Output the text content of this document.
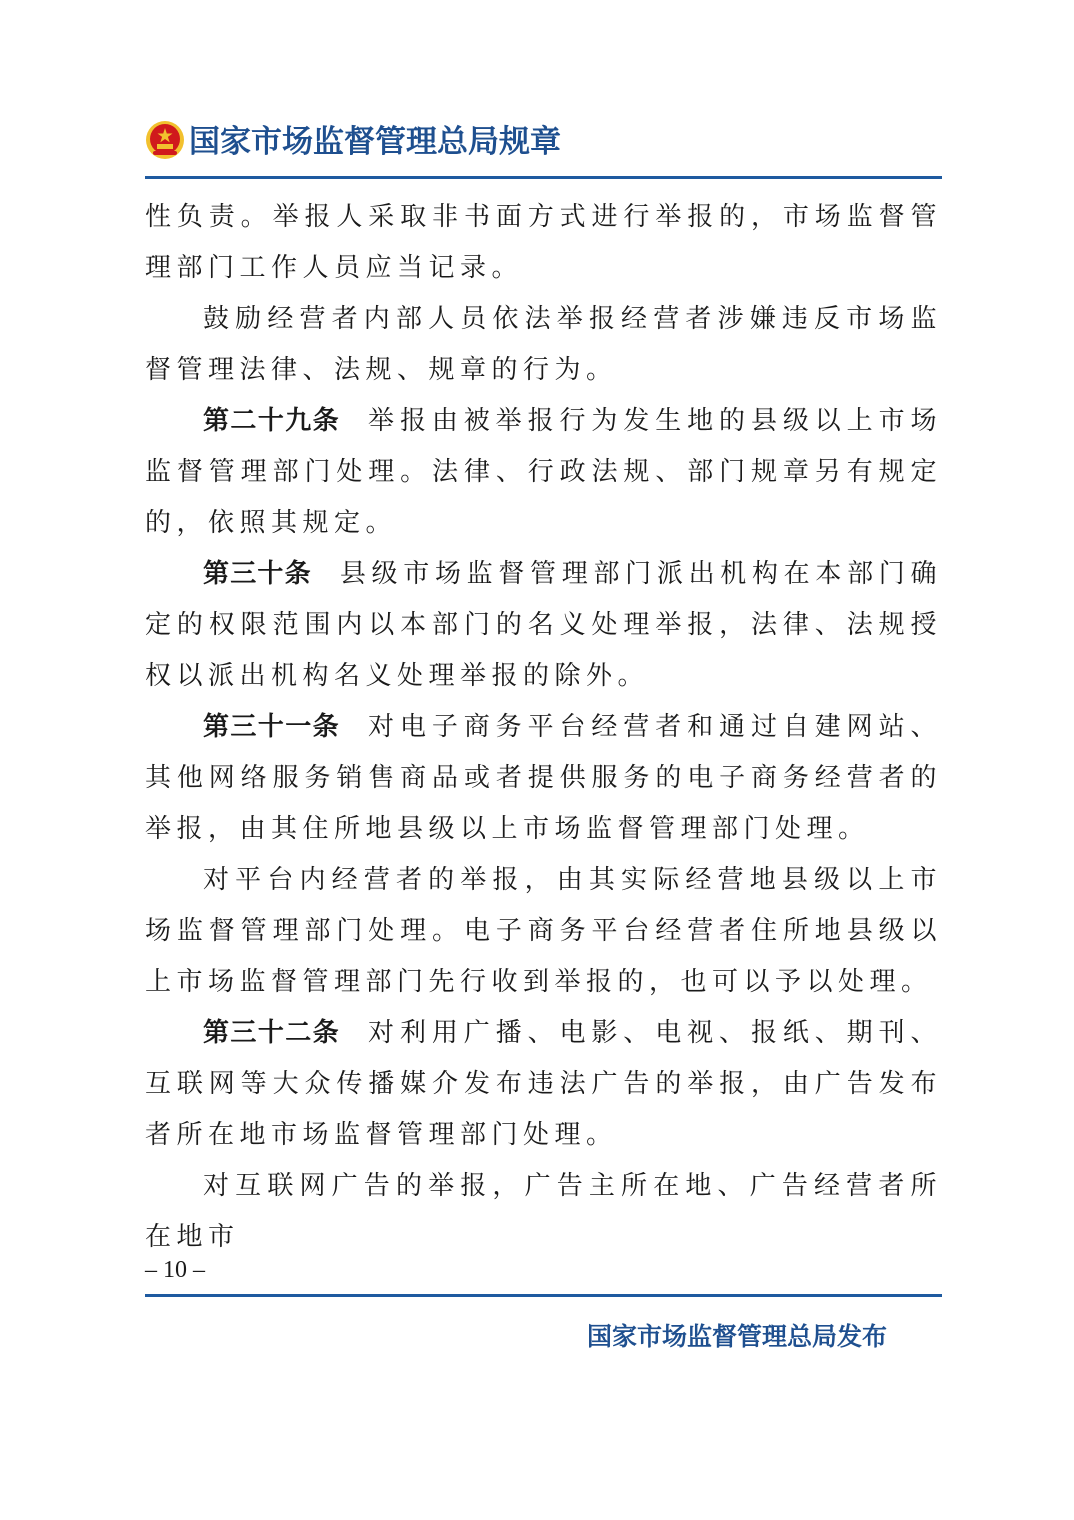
国家市场监督管理总局规章

性负责。举报人采取非书面方式进行举报的，市场监督管理部门工作人员应当记录。

鼓励经营者内部人员依法举报经营者涉嫌违反市场监督管理法律、法规、规章的行为。

第二十九条 举报由被举报行为发生地的县级以上市场监督管理部门处理。法律、行政法规、部门规章另有规定的，依照其规定。

第三十条 县级市场监督管理部门派出机构在本部门确定的权限范围内以本部门的名义处理举报，法律、法规授权以派出机构名义处理举报的除外。

第三十一条 对电子商务平台经营者和通过自建网站、其他网络服务销售商品或者提供服务的电子商务经营者的举报，由其住所地县级以上市场监督管理部门处理。

对平台内经营者的举报，由其实际经营地县级以上市场监督管理部门处理。电子商务平台经营者住所地县级以上市场监督管理部门先行收到举报的，也可以予以处理。

第三十二条 对利用广播、电影、电视、报纸、期刊、互联网等大众传播媒介发布违法广告的举报，由广告发布者所在地市场监督管理部门处理。

对互联网广告的举报，广告主所在地、广告经营者所在地市

– 10 –
国家市场监督管理总局发布
